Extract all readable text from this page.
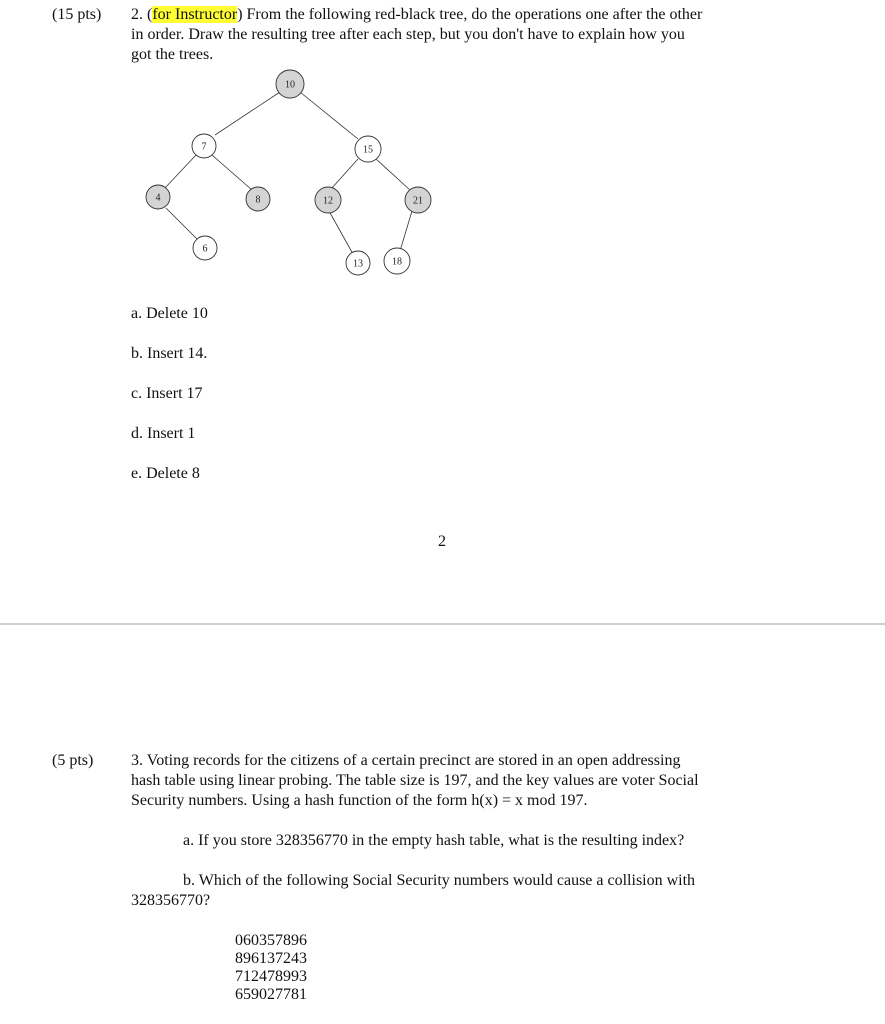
(15 pts) 2. (for Instructor) From the following red-black tree, do the operations one after the other
in order. Draw the resulting tree after each step, but you don't have to explain how you
got the trees.
10
7	15
4	8	12	21
6
13	18
a. Delete 10
b. Insert 14.
c. Insert 17
d. Insert 1
e. Delete 8
2
(5 pts) 3. Voting records for the citizens of a certain precinct are stored in an open addressing
hash table using linear probing. The table size is 197, and the key values are voter Social
Security numbers. Using a hash function of the form h(x) = x mod 197.
a. If you store 328356770 in the empty hash table, what is the resulting index?
b. Which of the following Social Security numbers would cause a collision with
328356770?
060357896
896137243
712478993
659027781
